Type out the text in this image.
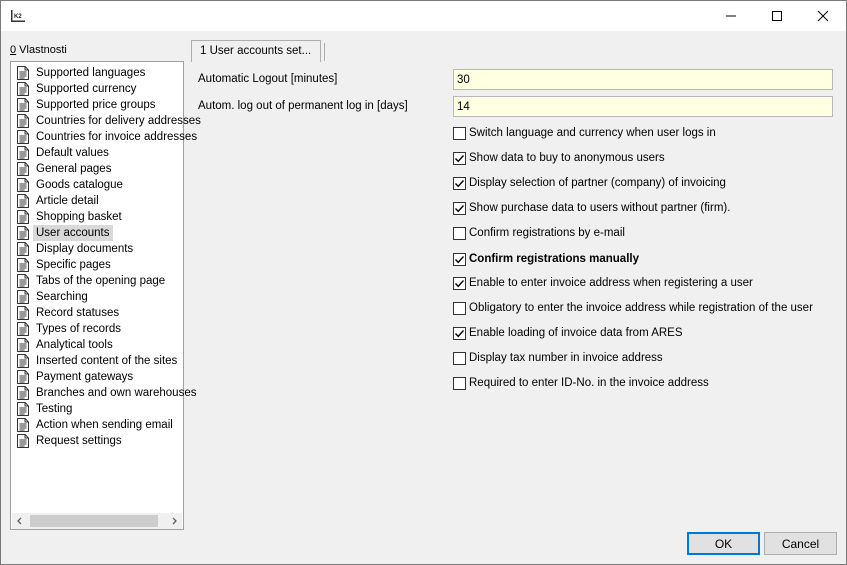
K2
0 Vlastnosti
Supported languages
Supported currency
Supported price groups
Countries for delivery addresses
Countries for invoice addresses
Default values
General pages
Goods catalogue
Article detail
Shopping basket
User accounts
Display documents
Specific pages
Tabs of the opening page
Searching
Record statuses
Types of records
Analytical tools
Inserted content of the sites
Payment gateways
Branches and own warehouses
Testing
Action when sending email
Request settings
1 User accounts set...
Automatic Logout [minutes]
30
Autom. log out of permanent log in [days]
14
Switch language and currency when user logs in
Show data to buy to anonymous users
Display selection of partner (company) of invoicing
Show purchase data to users without partner (firm).
Confirm registrations by e-mail
Confirm registrations manually
Enable to enter invoice address when registering a user
Obligatory to enter the invoice address while registration of the user
Enable loading of invoice data from ARES
Display tax number in invoice address
Required to enter ID-No. in the invoice address
OK	Cancel
